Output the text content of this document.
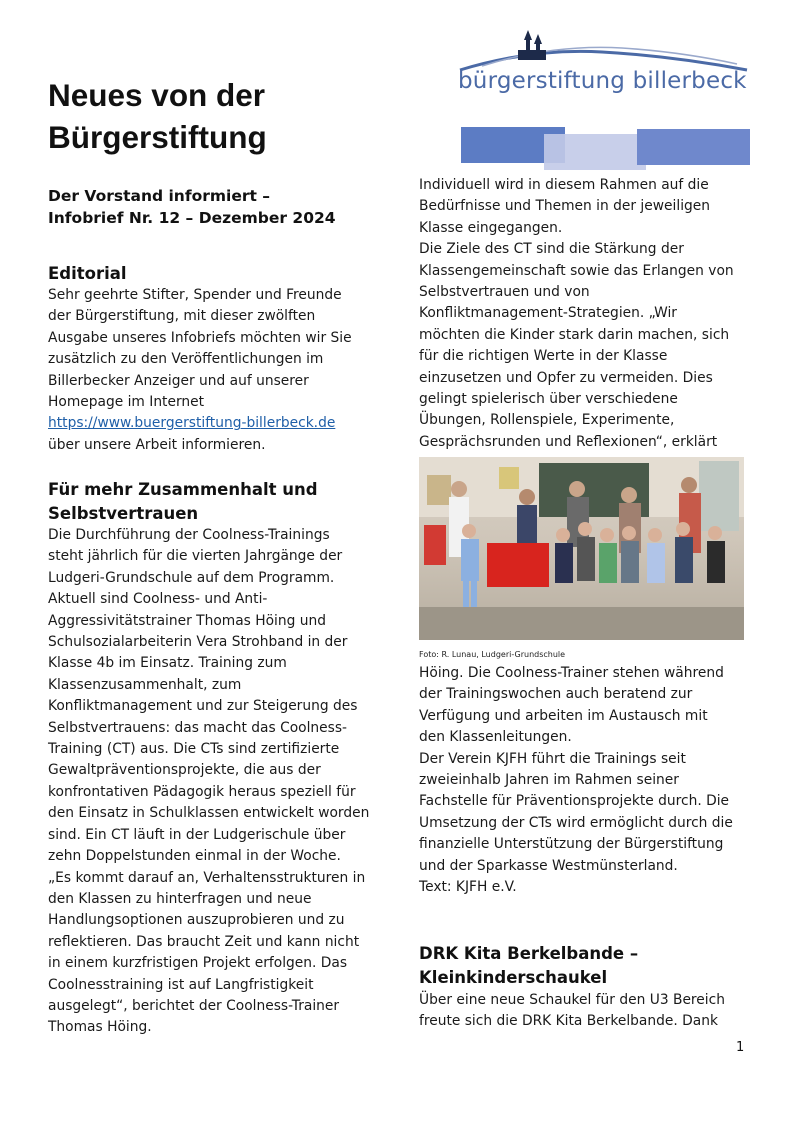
Neues von der
Bürgerstiftung
Der Vorstand informiert –
Infobrief Nr. 12 – Dezember 2024
bürgerstiftung billerbeck
Editorial
Sehr geehrte Stifter, Spender und Freunde
der Bürgerstiftung, mit dieser zwölften
Ausgabe unseres Infobriefs möchten wir Sie
zusätzlich zu den Veröffentlichungen im
Billerbecker Anzeiger und auf unserer
Homepage im Internet
https://www.buergerstiftung-billerbeck.de
über unsere Arbeit informieren.
Für mehr Zusammenhalt und
Selbstvertrauen
Die Durchführung der Coolness-Trainings
steht jährlich für die vierten Jahrgänge der
Ludgeri-Grundschule auf dem Programm.
Aktuell sind Coolness- und Anti-
Aggressivitätstrainer Thomas Höing und
Schulsozialarbeiterin Vera Strohband in der
Klasse 4b im Einsatz. Training zum
Klassenzusammenhalt, zum
Konfliktmanagement und zur Steigerung des
Selbstvertrauens: das macht das Coolness-
Training (CT) aus. Die CTs sind zertifizierte
Gewaltpräventionsprojekte, die aus der
konfrontativen Pädagogik heraus speziell für
den Einsatz in Schulklassen entwickelt worden
sind. Ein CT läuft in der Ludgerischule über
zehn Doppelstunden einmal in der Woche.
„Es kommt darauf an, Verhaltensstrukturen in
den Klassen zu hinterfragen und neue
Handlungsoptionen auszuprobieren und zu
reflektieren. Das braucht Zeit und kann nicht
in einem kurzfristigen Projekt erfolgen. Das
Coolnesstraining ist auf Langfristigkeit
ausgelegt“, berichtet der Coolness-Trainer
Thomas Höing.
Individuell wird in diesem Rahmen auf die
Bedürfnisse und Themen in der jeweiligen
Klasse eingegangen.
Die Ziele des CT sind die Stärkung der
Klassengemeinschaft sowie das Erlangen von
Selbstvertrauen und von
Konfliktmanagement-Strategien. „Wir
möchten die Kinder stark darin machen, sich
für die richtigen Werte in der Klasse
einzusetzen und Opfer zu vermeiden. Dies
gelingt spielerisch über verschiedene
Übungen, Rollenspiele, Experimente,
Gesprächsrunden und Reflexionen“, erklärt
Foto: R. Lunau, Ludgeri-Grundschule
Höing. Die Coolness-Trainer stehen während
der Trainingswochen auch beratend zur
Verfügung und arbeiten im Austausch mit
den Klassenleitungen.
Der Verein KJFH führt die Trainings seit
zweieinhalb Jahren im Rahmen seiner
Fachstelle für Präventionsprojekte durch. Die
Umsetzung der CTs wird ermöglicht durch die
finanzielle Unterstützung der Bürgerstiftung
und der Sparkasse Westmünsterland.
Text: KJFH e.V.
DRK Kita Berkelbande –
Kleinkinderschaukel
Über eine neue Schaukel für den U3 Bereich
freute sich die DRK Kita Berkelbande. Dank
1
